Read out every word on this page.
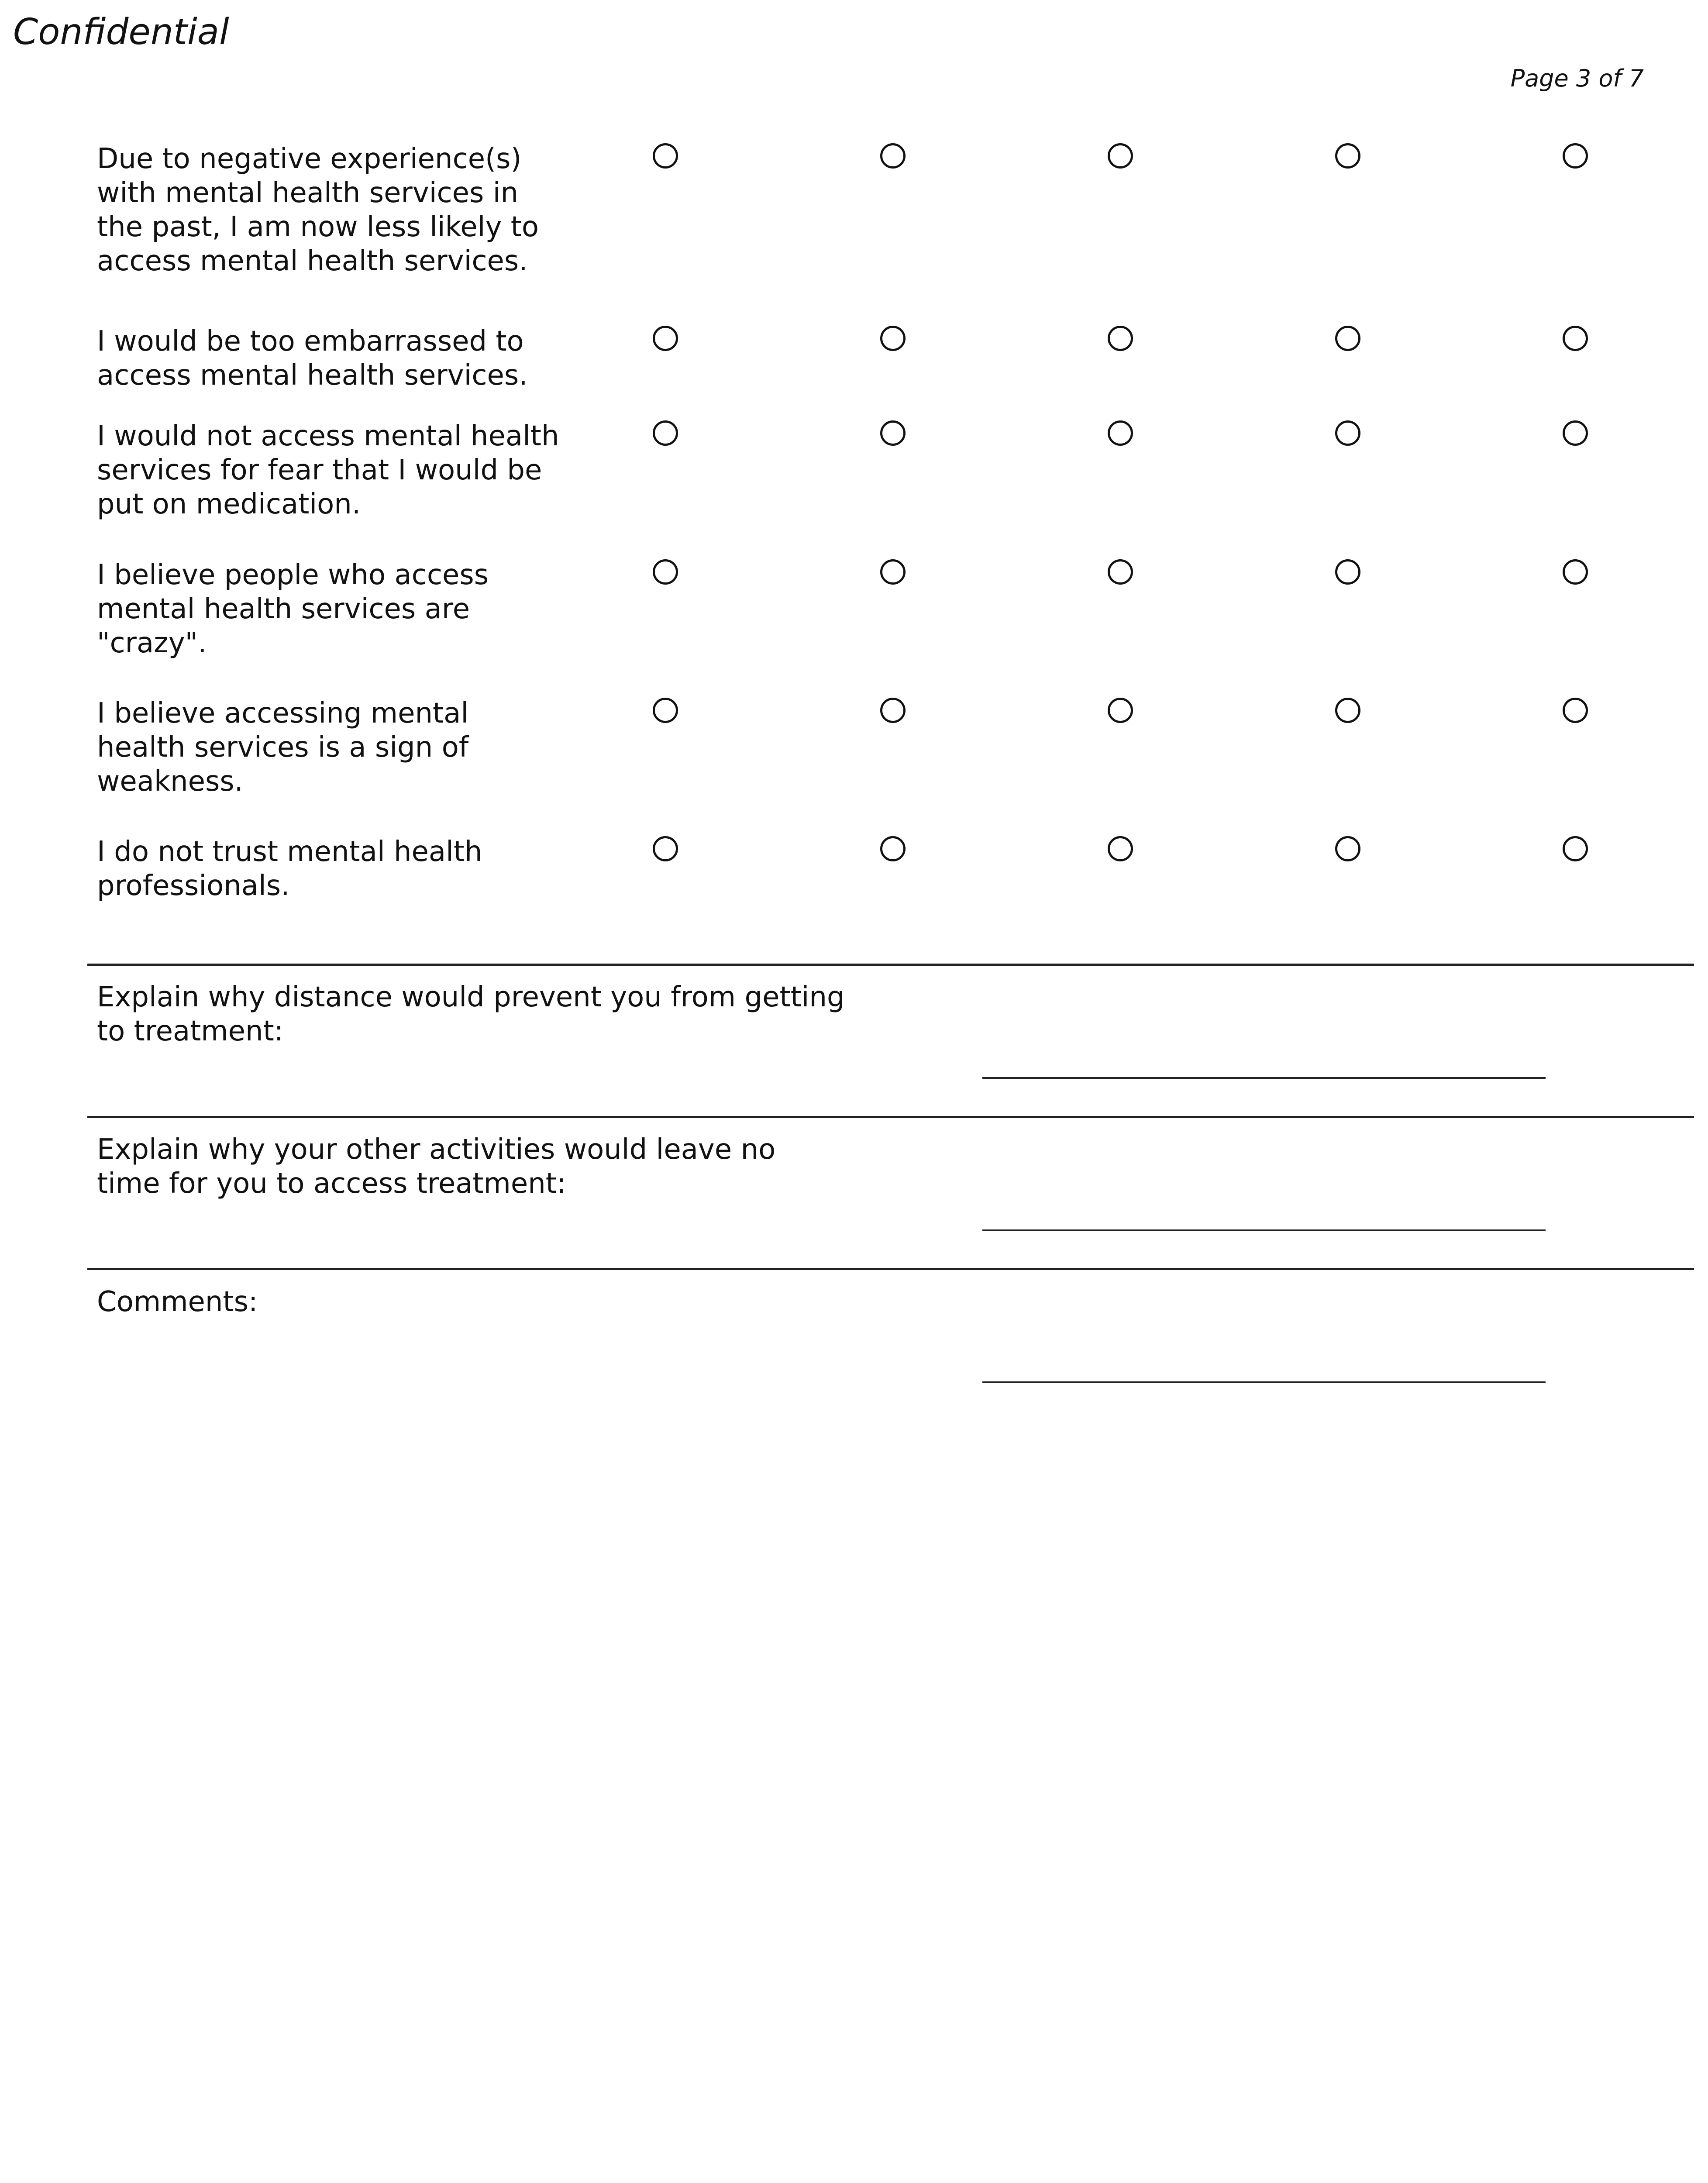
Confidential
Page 3 of 7
Due to negative experience(s)
with mental health services in
the past, I am now less likely to
access mental health services.
I would be too embarrassed to
access mental health services.
I would not access mental health
services for fear that I would be
put on medication.
I believe people who access
mental health services are
"crazy".
I believe accessing mental
health services is a sign of
weakness.
I do not trust mental health
professionals.
Explain why distance would prevent you from getting
to treatment:
Explain why your other activities would leave no
time for you to access treatment:
Comments:
